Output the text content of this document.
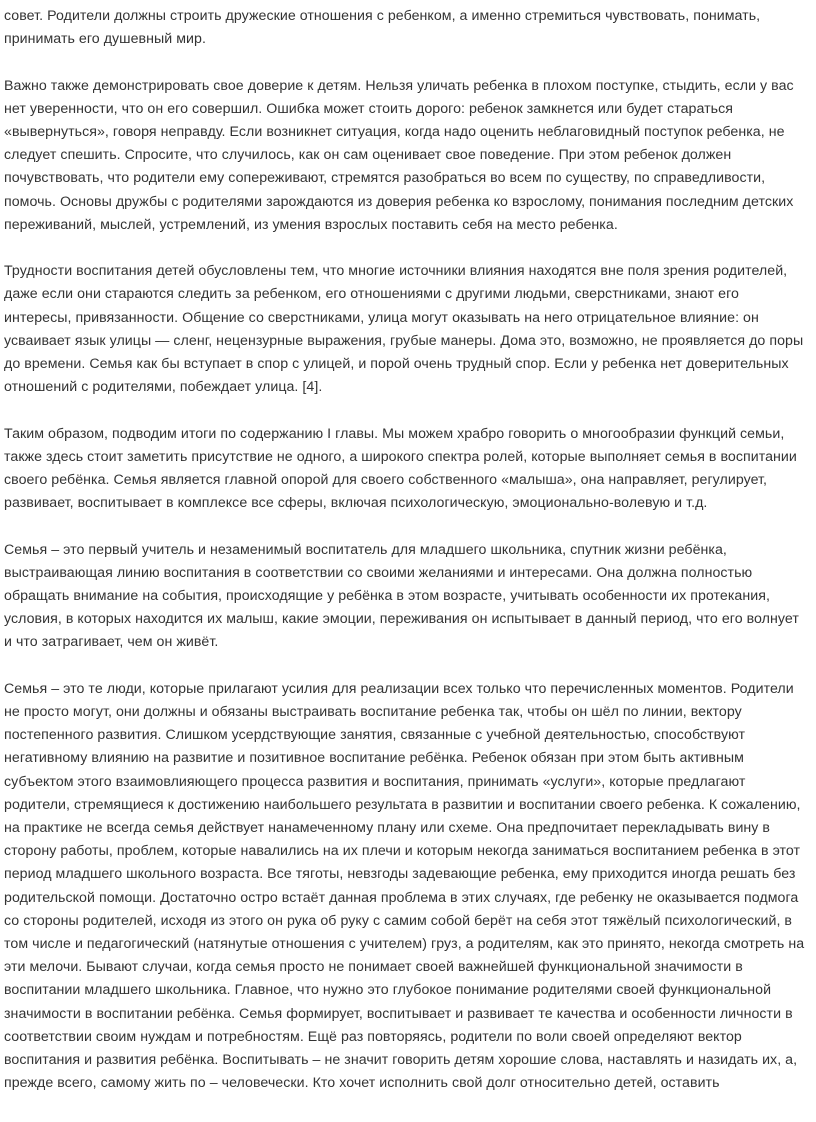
совет. Родители должны строить дружеские отношения с ребенком, а именно стремиться чувствовать, понимать, принимать его душевный мир.

Важно также демонстрировать свое доверие к детям. Нельзя уличать ребенка в плохом поступке, стыдить, если у вас нет уверенности, что он его совершил. Ошибка может стоить дорого: ребенок замкнется или будет стараться «вывернуться», говоря неправду. Если возникнет ситуация, когда надо оценить неблаговидный поступок ребенка, не следует спешить. Спросите, что случилось, как он сам оценивает свое поведение. При этом ребенок должен почувствовать, что родители ему сопереживают, стремятся разобраться во всем по существу, по справедливости, помочь. Основы дружбы с родителями зарождаются из доверия ребенка ко взрослому, понимания последним детских переживаний, мыслей, устремлений, из умения взрослых поставить себя на место ребенка.

Трудности воспитания детей обусловлены тем, что многие источники влияния находятся вне поля зрения родителей, даже если они стараются следить за ребенком, его отношениями с другими людьми, сверстниками, знают его интересы, привязанности. Общение со сверстниками, улица могут оказывать на него отрицательное влияние: он усваивает язык улицы — сленг, нецензурные выражения, грубые манеры. Дома это, возможно, не проявляется до поры до времени. Семья как бы вступает в спор с улицей, и порой очень трудный спор. Если у ребенка нет доверительных отношений с родителями, побеждает улица. [4].

Таким образом, подводим итоги по содержанию I главы. Мы можем храбро говорить о многообразии функций семьи, также здесь стоит заметить присутствие не одного, а широкого спектра ролей, которые выполняет семья в воспитании своего ребёнка. Семья является главной опорой для своего собственного «малыша», она направляет, регулирует, развивает, воспитывает в комплексе все сферы, включая психологическую, эмоционально-волевую и т.д.

Семья – это первый учитель и незаменимый воспитатель для младшего школьника, спутник жизни ребёнка, выстраивающая линию воспитания в соответствии со своими желаниями и интересами. Она должна полностью обращать внимание на события, происходящие у ребёнка в этом возрасте, учитывать особенности их протекания, условия, в которых находится их малыш, какие эмоции, переживания он испытывает в данный период, что его волнует и что затрагивает, чем он живёт.

Семья – это те люди, которые прилагают усилия для реализации всех только что перечисленных моментов. Родители не просто могут, они должны и обязаны выстраивать воспитание ребенка так, чтобы он шёл по линии, вектору постепенного развития. Слишком усердствующие занятия, связанные с учебной деятельностью, способствуют негативному влиянию на развитие и позитивное воспитание ребёнка. Ребенок обязан при этом быть активным субъектом этого взаимовлияющего процесса развития и воспитания, принимать «услуги», которые предлагают родители, стремящиеся к достижению наибольшего результата в развитии и воспитании своего ребенка. К сожалению, на практике не всегда семья действует нанамеченному плану или схеме. Она предпочитает перекладывать вину в сторону работы, проблем, которые навалились на их плечи и которым некогда заниматься воспитанием ребенка в этот период младшего школьного возраста. Все тяготы, невзгоды задевающие ребенка, ему приходится иногда решать без родительской помощи. Достаточно остро встаёт данная проблема в этих случаях, где ребенку не оказывается подмога со стороны родителей, исходя из этого он рука об руку с самим собой берёт на себя этот тяжёлый психологический, в том числе и педагогический (натянутые отношения с учителем) груз, а родителям, как это принято, некогда смотреть на эти мелочи. Бывают случаи, когда семья просто не понимает своей важнейшей функциональной значимости в воспитании младшего школьника. Главное, что нужно это глубокое понимание родителями своей функциональной значимости в воспитании ребёнка. Семья формирует, воспитывает и развивает те качества и особенности личности в соответствии своим нуждам и потребностям. Ещё раз повторяясь, родители по воли своей определяют вектор воспитания и развития ребёнка. Воспитывать – не значит говорить детям хорошие слова, наставлять и назидать их, а, прежде всего, самому жить по – человечески. Кто хочет исполнить свой долг относительно детей, оставить
